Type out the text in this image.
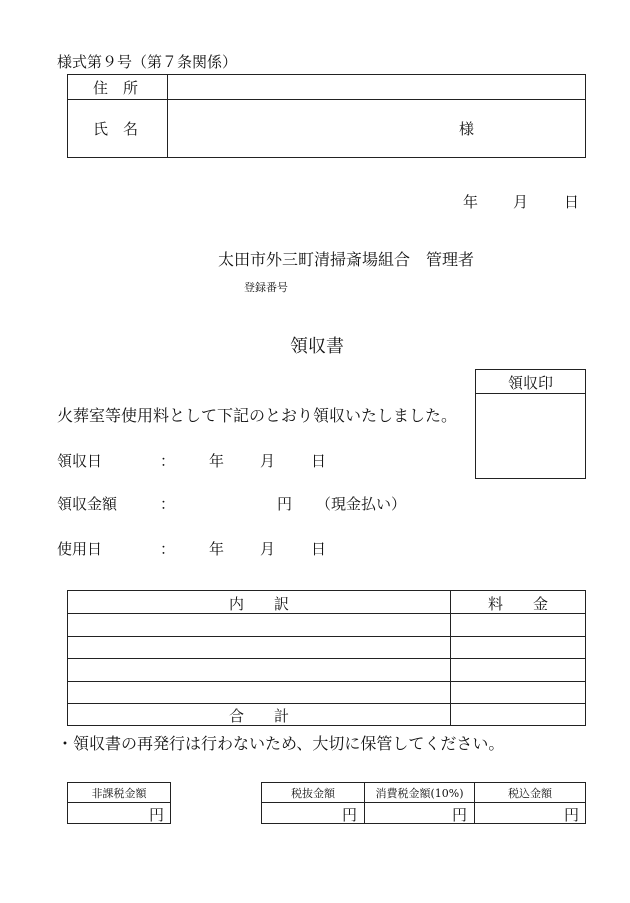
様式第９号（第７条関係）
住　所
氏　名	様
年 月 日
太田市外三町清掃斎場組合　管理者
登録番号
領収書
領収印
火葬室等使用料として下記のとおり領収いたしました。
領収日	： 年 月 日
領収金額	：	円 （現金払い）
使用日	： 年 月 日
内　　訳	料　　金
合　　計
・領収書の再発行は行わないため、大切に保管してください。
非課税金額
円
税抜金額	消費税金額(10%)	税込金額
円	円	円
